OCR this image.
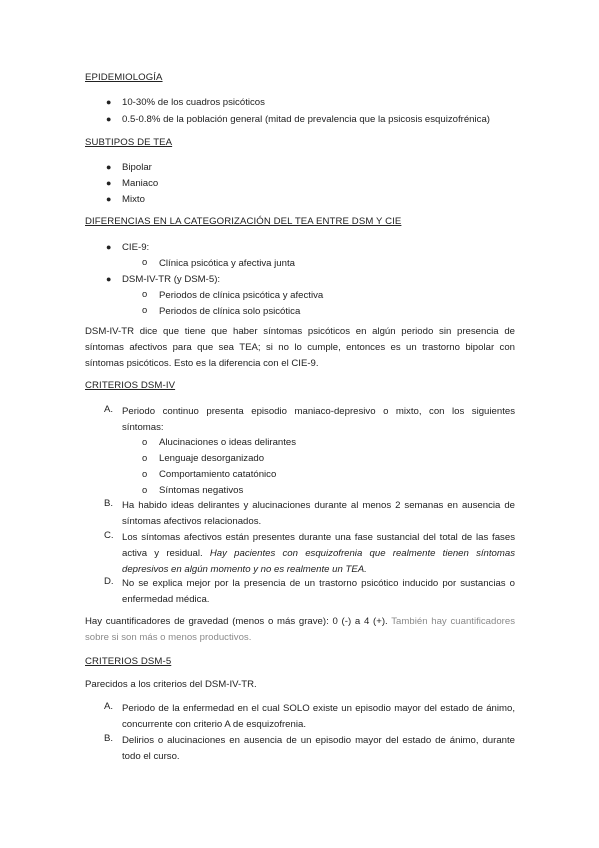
EPIDEMIOLOGÍA
● 10-30% de los cuadros psicóticos
● 0.5-0.8% de la población general (mitad de prevalencia que la psicosis esquizofrénica)
SUBTIPOS DE TEA
● Bipolar
● Maniaco
● Mixto
DIFERENCIAS EN LA CATEGORIZACIÓN DEL TEA ENTRE DSM Y CIE
● CIE-9:
o Clínica psicótica y afectiva junta
● DSM-IV-TR (y DSM-5):
o Periodos de clínica psicótica y afectiva
o Periodos de clínica solo psicótica
DSM-IV-TR dice que tiene que haber síntomas psicóticos en algún periodo sin presencia de síntomas afectivos para que sea TEA; si no lo cumple, entonces es un trastorno bipolar con síntomas psicóticos. Esto es la diferencia con el CIE-9.
CRITERIOS DSM-IV
A. Periodo continuo presenta episodio maniaco-depresivo o mixto, con los siguientes síntomas:
o Alucinaciones o ideas delirantes
o Lenguaje desorganizado
o Comportamiento catatónico
o Síntomas negativos
B. Ha habido ideas delirantes y alucinaciones durante al menos 2 semanas en ausencia de síntomas afectivos relacionados.
C. Los síntomas afectivos están presentes durante una fase sustancial del total de las fases activa y residual. Hay pacientes con esquizofrenia que realmente tienen síntomas depresivos en algún momento y no es realmente un TEA.
D. No se explica mejor por la presencia de un trastorno psicótico inducido por sustancias o enfermedad médica.
Hay cuantificadores de gravedad (menos o más grave): 0 (-) a 4 (+). También hay cuantificadores sobre si son más o menos productivos.
CRITERIOS DSM-5
Parecidos a los criterios del DSM-IV-TR.
A. Periodo de la enfermedad en el cual SOLO existe un episodio mayor del estado de ánimo, concurrente con criterio A de esquizofrenia.
B. Delirios o alucinaciones en ausencia de un episodio mayor del estado de ánimo, durante todo el curso.
